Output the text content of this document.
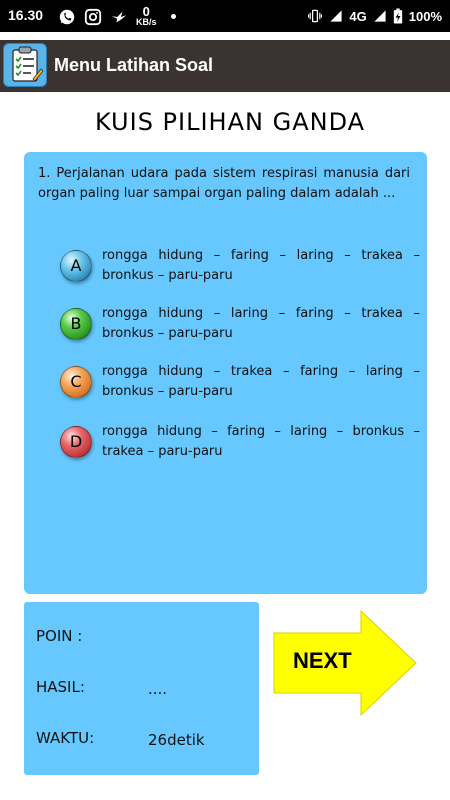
16.30	0
KB/s	4G	100%
Menu Latihan Soal
KUIS PILIHAN GANDA
1. Perjalanan udara pada sistem respirasi manusia dari organ paling luar sampai organ paling dalam adalah ...
A
rongga hidung – faring – laring – trakea – bronkus – paru-paru
B
rongga hidung – laring – faring – trakea – bronkus – paru-paru
C
rongga hidung – trakea – faring – laring – bronkus – paru-paru
D
rongga hidung – faring – laring – bronkus – trakea – paru-paru
POIN :
HASIL:	....
WAKTU:	26detik
NEXT
